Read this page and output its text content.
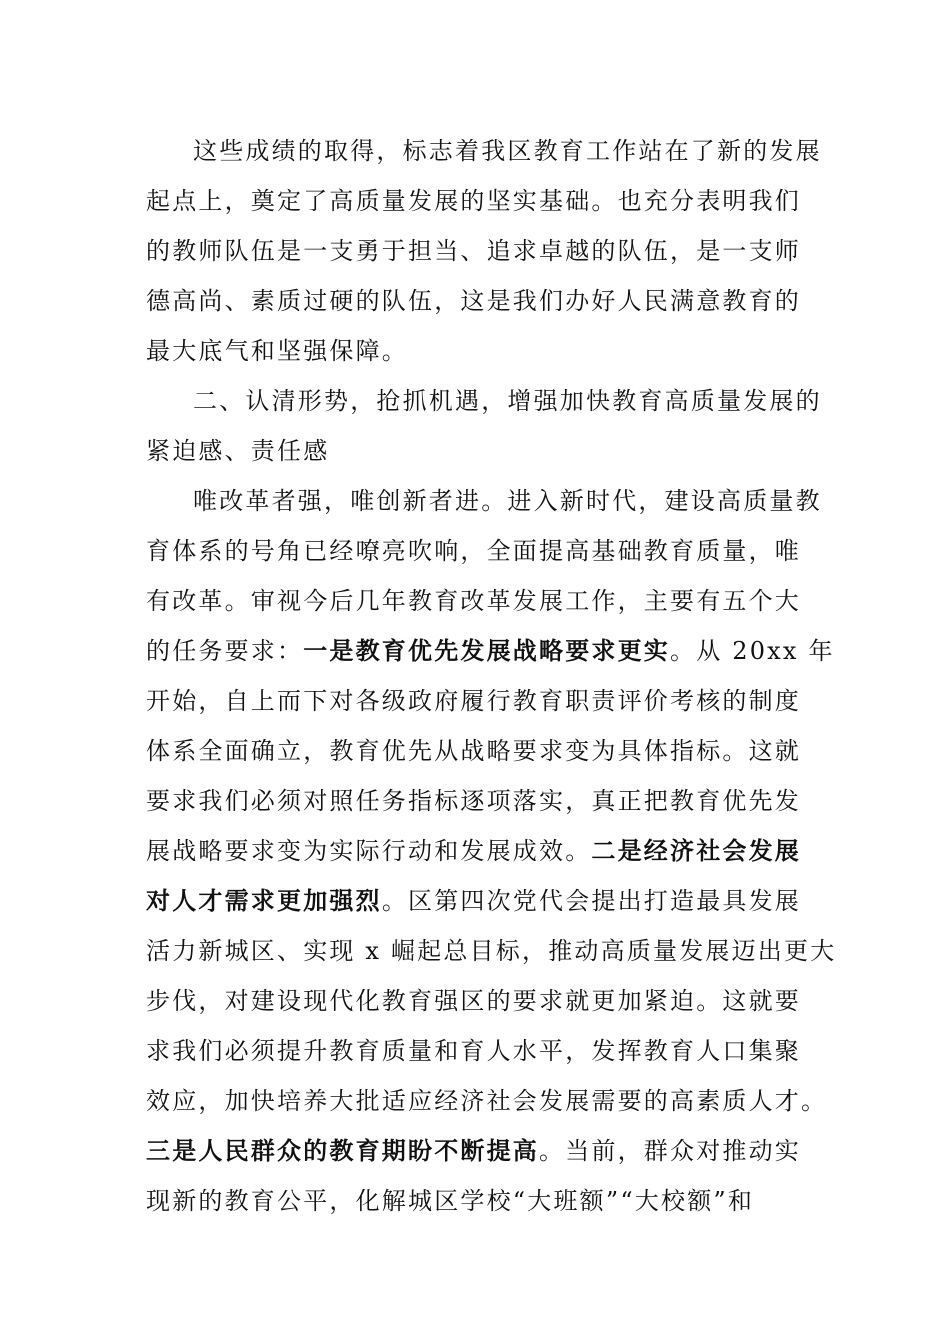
这些成绩的取得，标志着我区教育工作站在了新的发展
起点上，奠定了高质量发展的坚实基础。也充分表明我们
的教师队伍是一支勇于担当、追求卓越的队伍，是一支师
德高尚、素质过硬的队伍，这是我们办好人民满意教育的
最大底气和坚强保障。
二、认清形势，抢抓机遇，增强加快教育高质量发展的
紧迫感、责任感
唯改革者强，唯创新者进。进入新时代，建设高质量教
育体系的号角已经嘹亮吹响，全面提高基础教育质量，唯
有改革。审视今后几年教育改革发展工作，主要有五个大
的任务要求：一是教育优先发展战略要求更实。从 20xx 年
开始，自上而下对各级政府履行教育职责评价考核的制度
体系全面确立，教育优先从战略要求变为具体指标。这就
要求我们必须对照任务指标逐项落实，真正把教育优先发
展战略要求变为实际行动和发展成效。二是经济社会发展
对人才需求更加强烈。区第四次党代会提出打造最具发展
活力新城区、实现 x 崛起总目标，推动高质量发展迈出更大
步伐，对建设现代化教育强区的要求就更加紧迫。这就要
求我们必须提升教育质量和育人水平，发挥教育人口集聚
效应，加快培养大批适应经济社会发展需要的高素质人才。
三是人民群众的教育期盼不断提高。当前，群众对推动实
现新的教育公平，化解城区学校“大班额”“大校额”和
